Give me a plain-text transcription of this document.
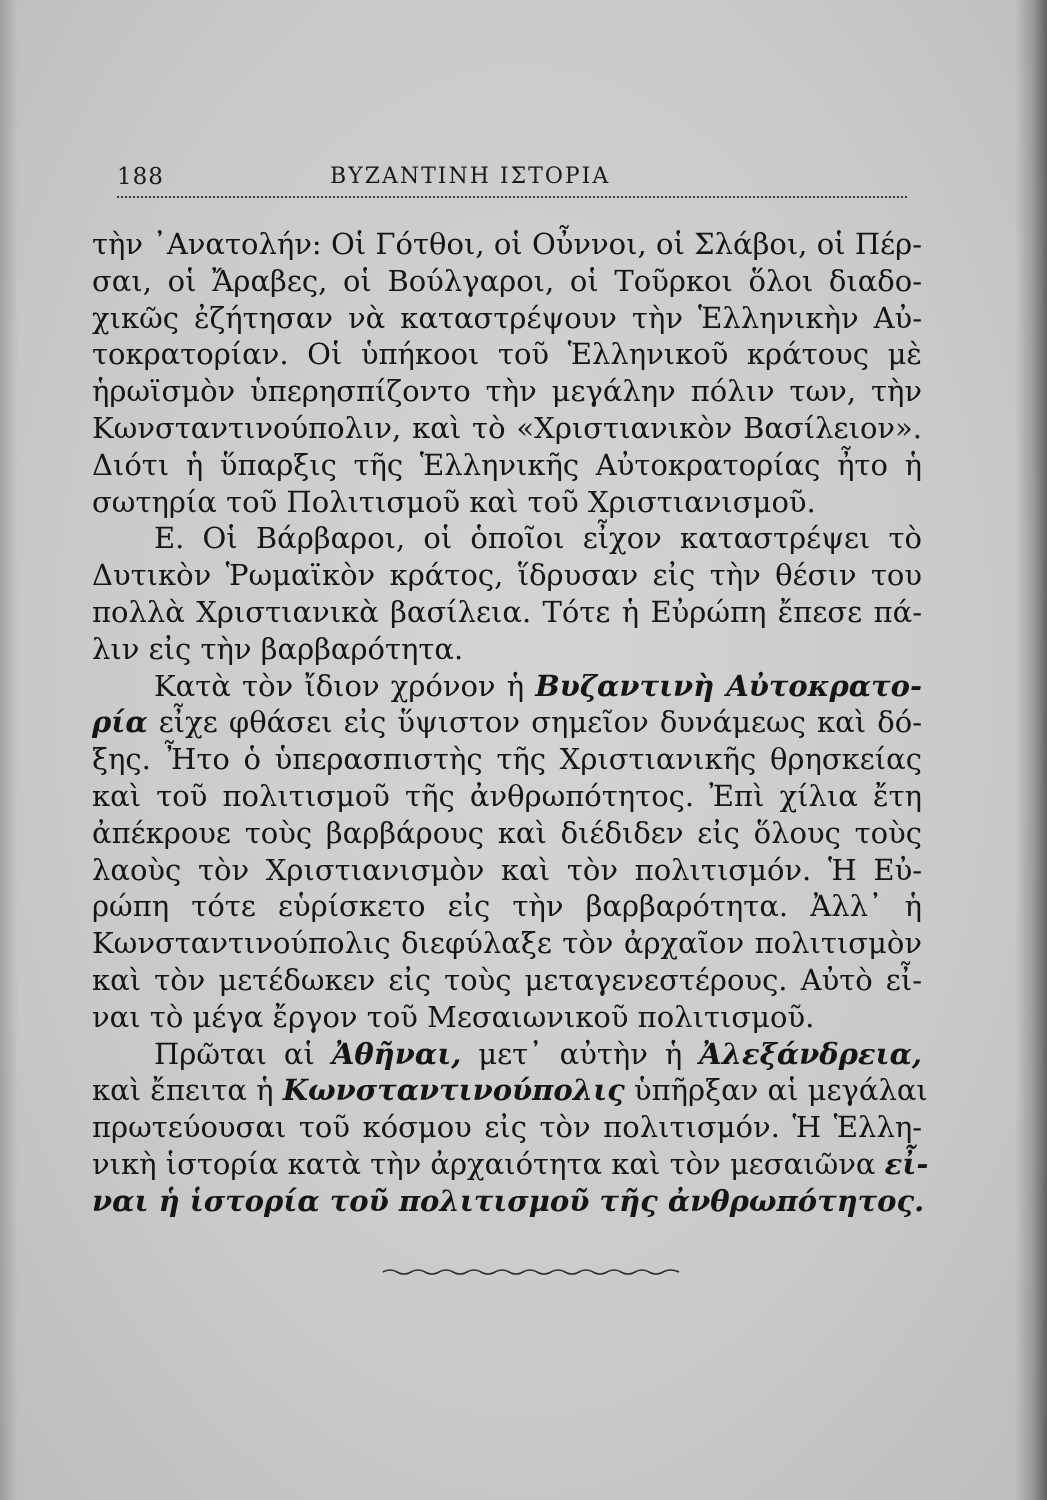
188	ΒΥΖΑΝΤΙΝΗ ΙΣΤΟΡΙΑ
τὴν ᾿Ανατολήν: Οἱ Γότθοι, οἱ Οὖννοι, οἱ Σλάβοι, οἱ Πέρ-
σαι, οἱ Ἄραβες, οἱ Βούλγαροι, οἱ Τοῦρκοι ὅλοι διαδο-
χικῶς ἐζήτησαν νὰ καταστρέψουν τὴν Ἑλληνικὴν Αὐ-
τοκρατορίαν. Οἱ ὑπήκοοι τοῦ Ἑλληνικοῦ κράτους μὲ
ἡρωϊσμὸν ὑπερησπίζοντο τὴν μεγάλην πόλιν των, τὴν
Κωνσταντινούπολιν, καὶ τὸ «Χριστιανικὸν Βασίλειον».
Διότι ἡ ὕπαρξις τῆς Ἑλληνικῆς Αὐτοκρατορίας ἦτο ἡ
σωτηρία τοῦ Πολιτισμοῦ καὶ τοῦ Χριστιανισμοῦ.
Ε. Οἱ Βάρβαροι, οἱ ὁποῖοι εἶχον καταστρέψει τὸ
Δυτικὸν Ῥωμαϊκὸν κράτος, ἵδρυσαν εἰς τὴν θέσιν του
πολλὰ Χριστιανικὰ βασίλεια. Τότε ἡ Εὐρώπη ἔπεσε πά-
λιν εἰς τὴν βαρβαρότητα.
Κατὰ τὸν ἴδιον χρόνον ἡ Βυζαντινὴ Αὐτοκρατο-
ρία εἶχε φθάσει εἰς ὕψιστον σημεῖον δυνάμεως καὶ δό-
ξης. Ἦτο ὁ ὑπερασπιστὴς τῆς Χριστιανικῆς θρησκείας
καὶ τοῦ πολιτισμοῦ τῆς ἀνθρωπότητος. Ἐπὶ χίλια ἔτη
ἀπέκρουε τοὺς βαρβάρους καὶ διέδιδεν εἰς ὅλους τοὺς
λαοὺς τὸν Χριστιανισμὸν καὶ τὸν πολιτισμόν. Ἡ Εὐ-
ρώπη τότε εὑρίσκετο εἰς τὴν βαρβαρότητα. Ἀλλ᾽ ἡ
Κωνσταντινούπολις διεφύλαξε τὸν ἀρχαῖον πολιτισμὸν
καὶ τὸν μετέδωκεν εἰς τοὺς μεταγενεστέρους. Αὐτὸ εἶ-
ναι τὸ μέγα ἔργον τοῦ Μεσαιωνικοῦ πολιτισμοῦ.
Πρῶται αἱ Ἀθῆναι, μετ᾽ αὐτὴν ἡ Ἀλεξάνδρεια,
καὶ ἔπειτα ἡ Κωνσταντινούπολις ὑπῆρξαν αἱ μεγάλαι
πρωτεύουσαι τοῦ κόσμου εἰς τὸν πολιτισμόν. Ἡ Ἑλλη-
νικὴ ἱστορία κατὰ τὴν ἀρχαιότητα καὶ τὸν μεσαιῶνα εἶ-
ναι ἡ ἱστορία τοῦ πολιτισμοῦ τῆς ἀνθρωπότητος.
